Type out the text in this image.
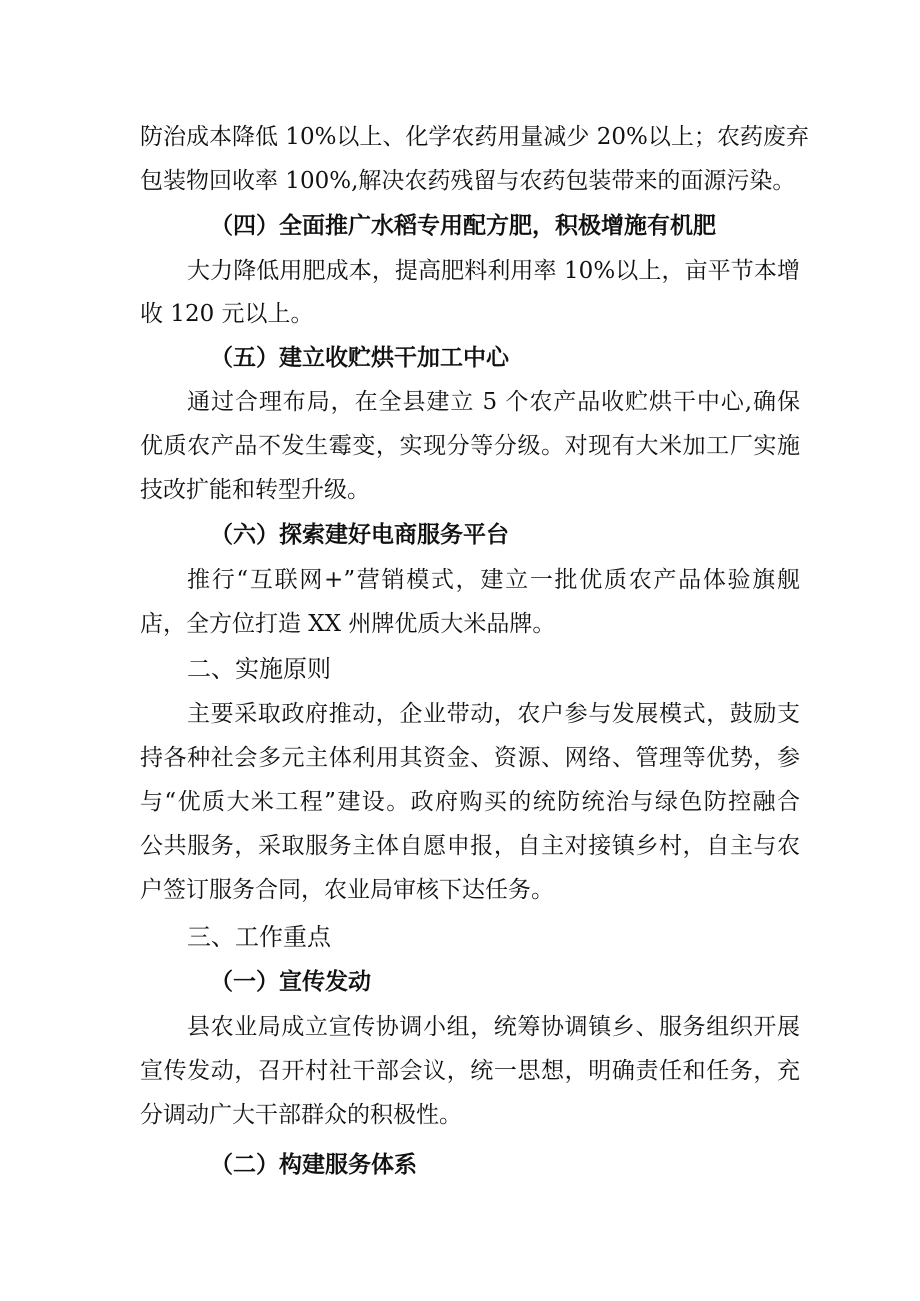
防治成本降低 10%以上、化学农药用量减少 20%以上；农药废弃
包装物回收率 100%,解决农药残留与农药包装带来的面源污染。
（四）全面推广水稻专用配方肥，积极增施有机肥
大力降低用肥成本，提高肥料利用率 10%以上，亩平节本增
收 120 元以上。
（五）建立收贮烘干加工中心
通过合理布局，在全县建立 5 个农产品收贮烘干中心,确保
优质农产品不发生霉变，实现分等分级。对现有大米加工厂实施
技改扩能和转型升级。
（六）探索建好电商服务平台
推行“互联网+”营销模式，建立一批优质农产品体验旗舰
店，全方位打造 XX 州牌优质大米品牌。
二、实施原则
主要采取政府推动，企业带动，农户参与发展模式，鼓励支
持各种社会多元主体利用其资金、资源、网络、管理等优势，参
与“优质大米工程”建设。政府购买的统防统治与绿色防控融合
公共服务，采取服务主体自愿申报，自主对接镇乡村，自主与农
户签订服务合同，农业局审核下达任务。
三、工作重点
（一）宣传发动
县农业局成立宣传协调小组，统筹协调镇乡、服务组织开展
宣传发动，召开村社干部会议，统一思想，明确责任和任务，充
分调动广大干部群众的积极性。
（二）构建服务体系
